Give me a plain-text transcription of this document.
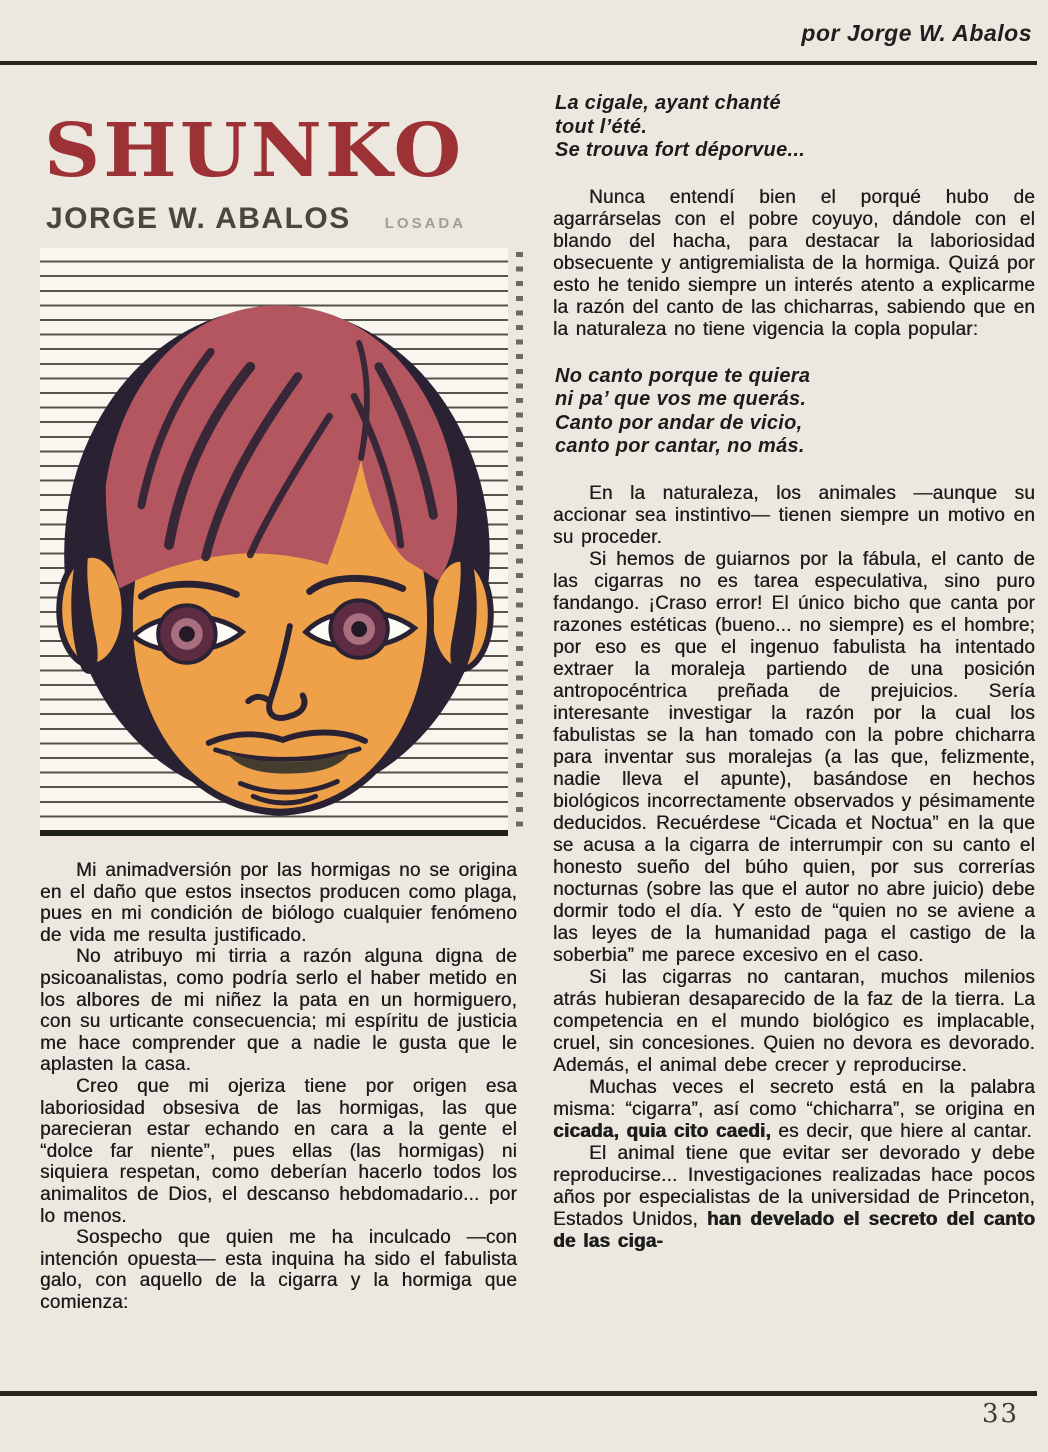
por Jorge W. Abalos
SHUNKO
JORGE W. ABALOS LOSADA

Mi animadversión por las hormigas no se origina en el daño que estos insectos producen como plaga, pues en mi condición de biólogo cualquier fenómeno de vida me resulta justificado.

No atribuyo mi tirria a razón alguna digna de psicoanalistas, como podría serlo el haber metido en los albores de mi niñez la pata en un hormiguero, con su urticante consecuencia; mi espíritu de justicia me hace comprender que a nadie le gusta que le aplasten la casa.

Creo que mi ojeriza tiene por origen esa laboriosidad obsesiva de las hormigas, las que parecieran estar echando en cara a la gente el “dolce far niente”, pues ellas (las hormigas) ni siquiera respetan, como deberían hacerlo todos los animalitos de Dios, el descanso hebdomadario... por lo menos.

Sospecho que quien me ha inculcado —con intención opuesta— esta inquina ha sido el fabulista galo, con aquello de la cigarra y la hormiga que comienza:

La cigale, ayant chanté
tout l’été.
Se trouva fort déporvue...

Nunca entendí bien el porqué hubo de agarrárselas con el pobre coyuyo, dándole con el blando del hacha, para destacar la laboriosidad obsecuente y antigremialista de la hormiga. Quizá por esto he tenido siempre un interés atento a explicarme la razón del canto de las chicharras, sabiendo que en la naturaleza no tiene vigencia la copla popular:

No canto porque te quiera
ni pa’ que vos me querás.
Canto por andar de vicio,
canto por cantar, no más.

En la naturaleza, los animales —aunque su accionar sea instintivo— tienen siempre un motivo en su proceder.

Si hemos de guiarnos por la fábula, el canto de las cigarras no es tarea especulativa, sino puro fandango. ¡Craso error! El único bicho que canta por razones estéticas (bueno... no siempre) es el hombre; por eso es que el ingenuo fabulista ha intentado extraer la moraleja partiendo de una posición antropocéntrica preñada de prejuicios. Sería interesante investigar la razón por la cual los fabulistas se la han tomado con la pobre chicharra para inventar sus moralejas (a las que, felizmente, nadie lleva el apunte), basándose en hechos biológicos incorrectamente observados y pésimamente deducidos. Recuérdese “Cicada et Noctua” en la que se acusa a la cigarra de interrumpir con su canto el honesto sueño del búho quien, por sus correrías nocturnas (sobre las que el autor no abre juicio) debe dormir todo el día. Y esto de “quien no se aviene a las leyes de la humanidad paga el castigo de la soberbia” me parece excesivo en el caso.

Si las cigarras no cantaran, muchos milenios atrás hubieran desaparecido de la faz de la tierra. La competencia en el mundo biológico es implacable, cruel, sin concesiones. Quien no devora es devorado. Además, el animal debe crecer y reproducirse.

Muchas veces el secreto está en la palabra misma: “cigarra”, así como “chicharra”, se origina en cicada, quia cito caedi, es decir, que hiere al cantar.

El animal tiene que evitar ser devorado y debe reproducirse... Investigaciones realizadas hace pocos años por especialistas de la universidad de Princeton, Estados Unidos, han develado el secreto del canto de las ciga-

33
